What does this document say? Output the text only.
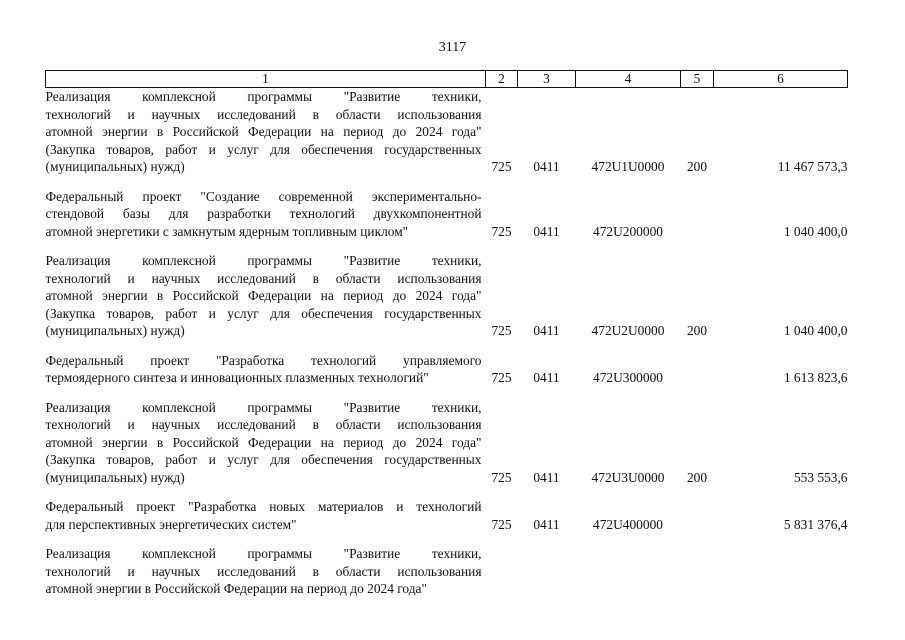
3117
1	2	3	4	5	6

Реализация комплексной программы "Развитие техники,
технологий и научных исследований в области использования
атомной энергии в Российской Федерации на период до 2024 года"
(Закупка товаров, работ и услуг для обеспечения государственных
(муниципальных) нужд)	725	0411	472U1U0000	200	11 467 573,3

Федеральный проект "Создание современной экспериментально-
стендовой базы для разработки технологий двухкомпонентной
атомной энергетики с замкнутым ядерным топливным циклом"	725	0411	472U200000		1 040 400,0

Реализация комплексной программы "Развитие техники,
технологий и научных исследований в области использования
атомной энергии в Российской Федерации на период до 2024 года"
(Закупка товаров, работ и услуг для обеспечения государственных
(муниципальных) нужд)	725	0411	472U2U0000	200	1 040 400,0

Федеральный проект "Разработка технологий управляемого
термоядерного синтеза и инновационных плазменных технологий"	725	0411	472U300000		1 613 823,6

Реализация комплексной программы "Развитие техники,
технологий и научных исследований в области использования
атомной энергии в Российской Федерации на период до 2024 года"
(Закупка товаров, работ и услуг для обеспечения государственных
(муниципальных) нужд)	725	0411	472U3U0000	200	553 553,6

Федеральный проект "Разработка новых материалов и технологий
для перспективных энергетических систем"	725	0411	472U400000		5 831 376,4

Реализация комплексной программы "Развитие техники,
технологий и научных исследований в области использования
атомной энергии в Российской Федерации на период до 2024 года"					
